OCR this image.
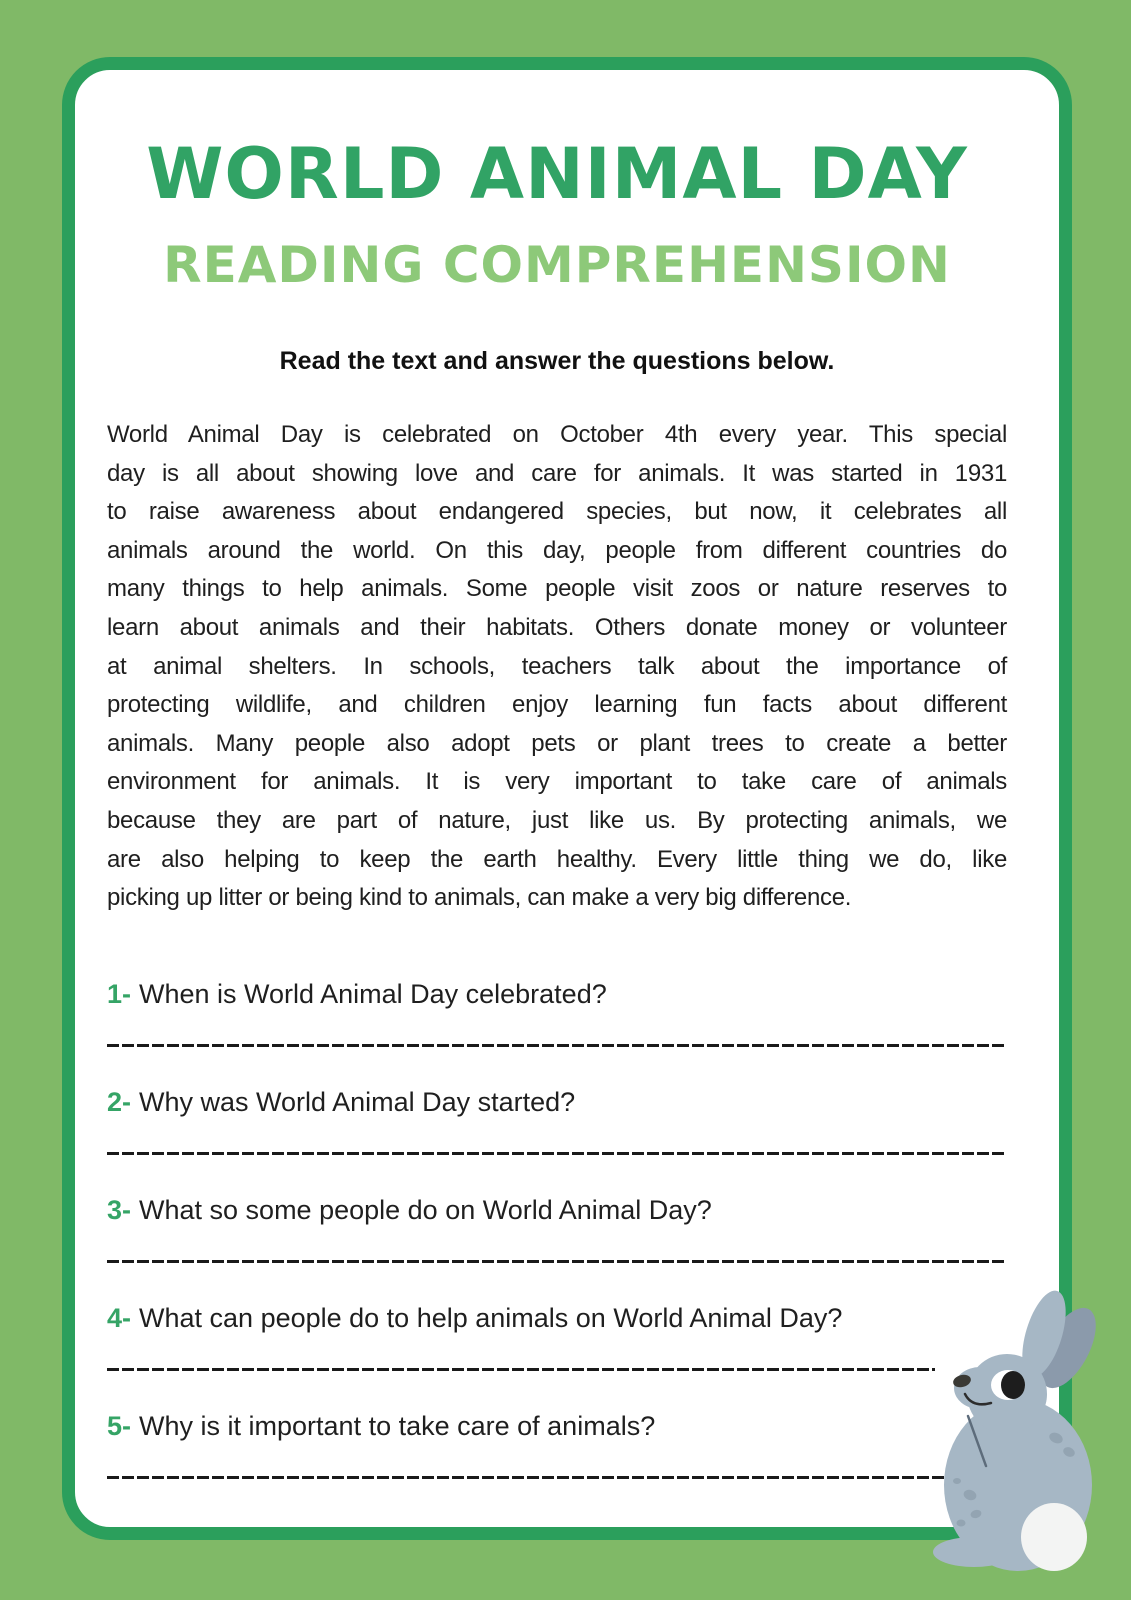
WORLD ANIMAL DAY
READING COMPREHENSION

Read the text and answer the questions below.

World Animal Day is celebrated on October 4th every year. This special
day is all about showing love and care for animals. It was started in 1931
to raise awareness about endangered species, but now, it celebrates all
animals around the world. On this day, people from different countries do
many things to help animals. Some people visit zoos or nature reserves to
learn about animals and their habitats. Others donate money or volunteer
at animal shelters. In schools, teachers talk about the importance of
protecting wildlife, and children enjoy learning fun facts about different
animals. Many people also adopt pets or plant trees to create a better
environment for animals. It is very important to take care of animals
because they are part of nature, just like us. By protecting animals, we
are also helping to keep the earth healthy. Every little thing we do, like
picking up litter or being kind to animals, can make a very big difference.

1- When is World Animal Day celebrated?

2- Why was World Animal Day started?

3- What so some people do on World Animal Day?

4- What can people do to help animals on World Animal Day?

5- Why is it important to take care of animals?
